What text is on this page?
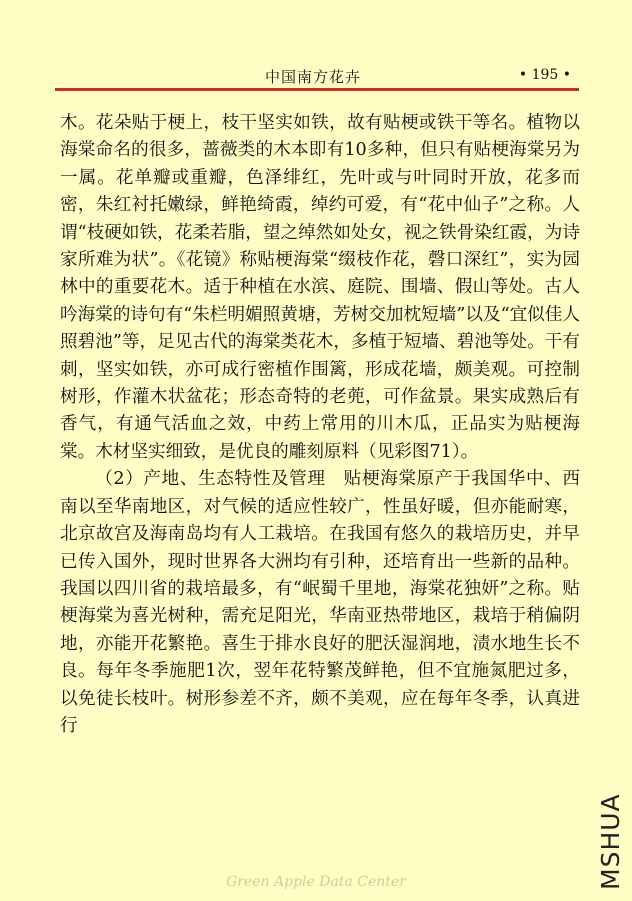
中国南方花卉	• 195 •

木。花朵贴于梗上，枝干坚实如铁，故有贴梗或铁干等名。植物以海棠命名的很多，蔷薇类的木本即有10多种，但只有贴梗海棠另为一属。花单瓣或重瓣，色泽绯红，先叶或与叶同时开放，花多而密，朱红衬托嫩绿，鲜艳绮霞，绰约可爱，有“花中仙子”之称。人谓“枝硬如铁，花柔若脂，望之绰然如处女，视之铁骨染红霞，为诗家所难为状”。《花镜》称贴梗海棠“缀枝作花，磬口深红”，实为园林中的重要花木。适于种植在水滨、庭院、围墙、假山等处。古人吟海棠的诗句有“朱栏明媚照黄塘，芳树交加枕短墙”以及“宜似佳人照碧池”等，足见古代的海棠类花木，多植于短墙、碧池等处。干有刺，坚实如铁，亦可成行密植作围篱，形成花墙，颇美观。可控制树形，作灌木状盆花；形态奇特的老蔸，可作盆景。果实成熟后有香气，有通气活血之效，中药上常用的川木瓜，正品实为贴梗海棠。木材坚实细致，是优良的雕刻原料（见彩图71）。

（2）产地、生态特性及管理　贴梗海棠原产于我国华中、西南以至华南地区，对气候的适应性较广，性虽好暖，但亦能耐寒，北京故宫及海南岛均有人工栽培。在我国有悠久的栽培历史，并早已传入国外，现时世界各大洲均有引种，还培育出一些新的品种。我国以四川省的栽培最多，有“岷蜀千里地，海棠花独妍”之称。贴梗海棠为喜光树种，需充足阳光，华南亚热带地区，栽培于稍偏阴地，亦能开花繁艳。喜生于排水良好的肥沃湿润地，渍水地生长不良。每年冬季施肥1次，翌年花特繁茂鲜艳，但不宜施氮肥过多，以免徒长枝叶。树形参差不齐，颇不美观，应在每年冬季，认真进行

Green Apple Data Center	MSHUA
